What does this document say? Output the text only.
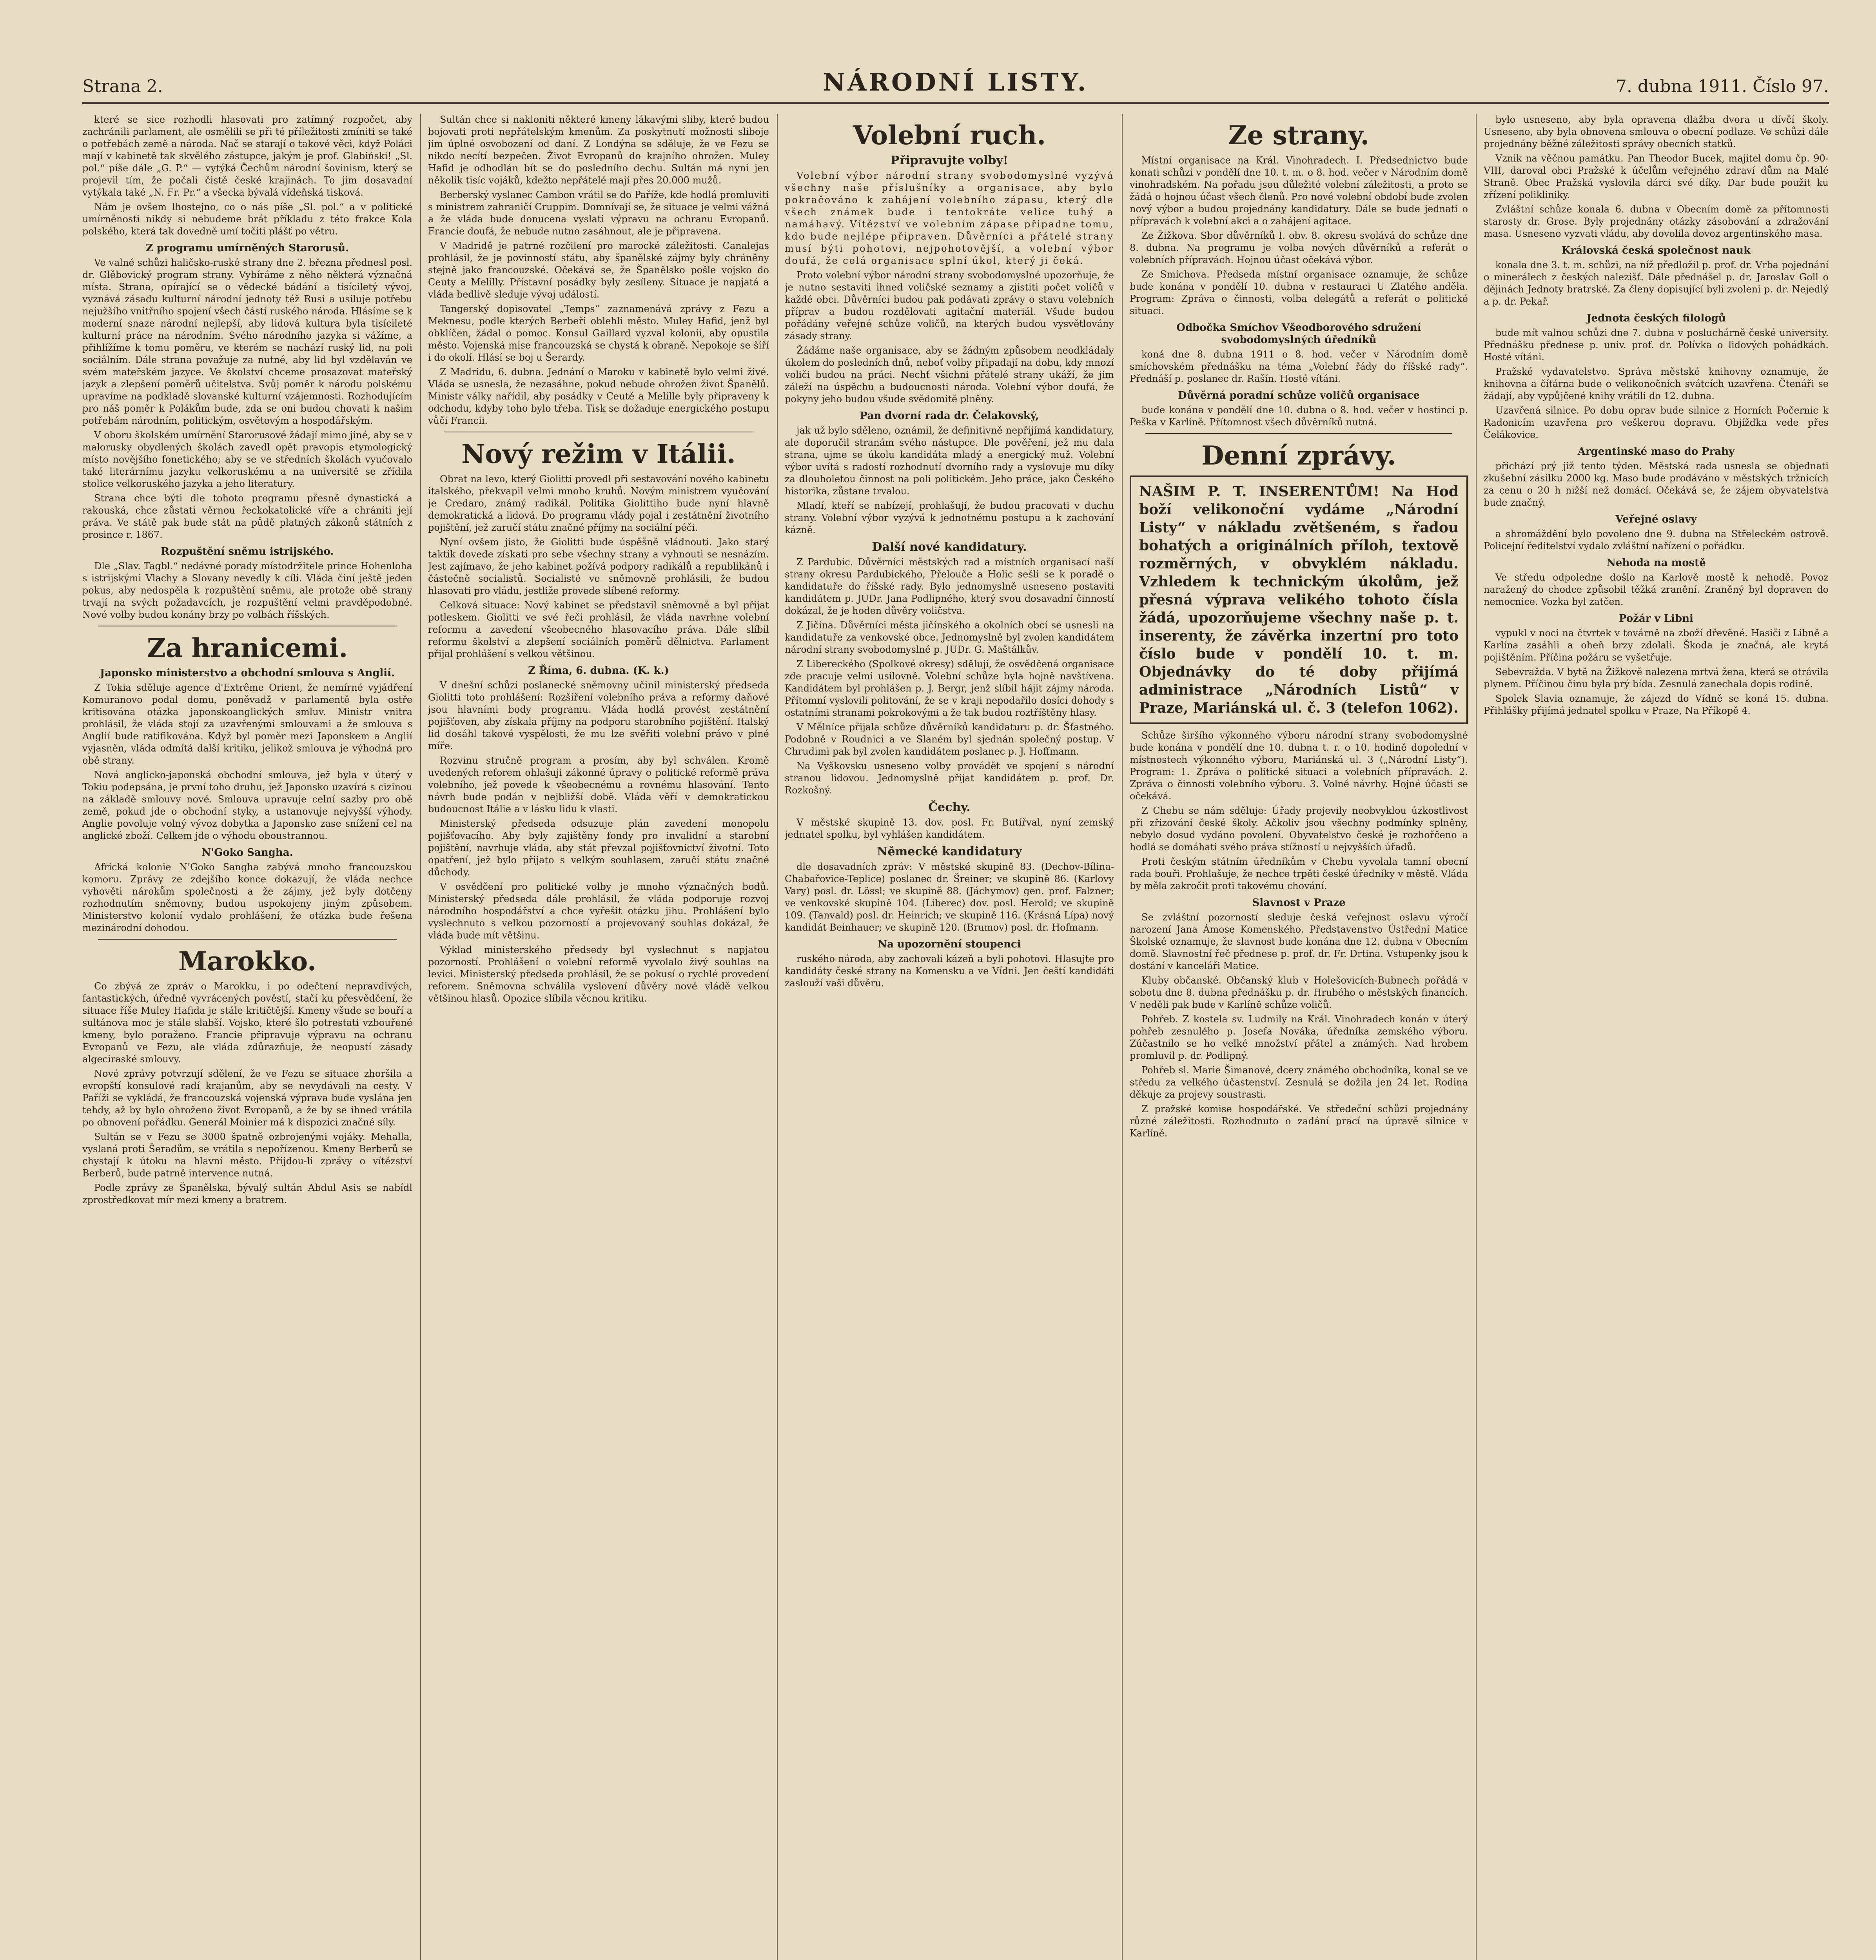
Strana 2.	NÁRODNÍ LISTY.	7. dubna 1911. Číslo 97.

které se sice rozhodli hlasovati pro zatímný rozpočet, aby zachránili parlament, ale osmělili se při té příležitosti zmíniti se také o potřebách země a národa. Nač se starají o takové věci, když Poláci mají v kabinetě tak skvělého zástupce, jakým je prof. Glabiński! „Sl. pol.“ píše dále „G. P.“ — vytýká Čechům národní šovinism, který se projevil tím, že počali čistě české krajinách. To jim dosavadní vytýkala také „N. Fr. Pr.“ a všecka bývalá vídeňská tisková.

Nám je ovšem lhostejno, co o nás píše „Sl. pol.“ a v politické umírněnosti nikdy si nebudeme brát příkladu z této frakce Kola polského, která tak dovedně umí točiti plášť po větru.

Z programu umírněných Starorusů.

Ve valné schůzi haličsko-ruské strany dne 2. března přednesl posl. dr. Glěbovický program strany. Vybíráme z něho některá význačná místa. Strana, opírající se o vědecké bádání a tisíciletý vývoj, vyznává zásadu kulturní národní jednoty též Rusi a usiluje potřebu nejužšího vnitřního spojení všech částí ruského národa. Hlásíme se k moderní snaze národní nejlepší, aby lidová kultura byla tisícileté kulturní práce na národním. Svého národního jazyka si vážíme, a přihlížíme k tomu poměru, ve kterém se nachází ruský lid, na poli sociálním. Dále strana považuje za nutné, aby lid byl vzdělaván ve svém mateřském jazyce. Ve školství chceme prosazovat mateřský jazyk a zlepšení poměrů učitelstva. Svůj poměr k národu polskému upravíme na podkladě slovanské kulturní vzájemnosti. Rozhodujícím pro náš poměr k Polákům bude, zda se oni budou chovati k našim potřebám národním, politickým, osvětovým a hospodářským.

V oboru školském umírnění Starorusové žádají mimo jiné, aby se v malorusky obydlených školách zavedl opět pravopis etymologický místo novějšího fonetického; aby se ve středních školách vyučovalo také literárnímu jazyku velkoruskému a na universitě se zřídila stolice velkoruského jazyka a jeho literatury.

Strana chce býti dle tohoto programu přesně dynastická a rakouská, chce zůstati věrnou řeckokatolické víře a chrániti její práva. Ve státě pak bude stát na půdě platných zákonů státních z prosince r. 1867.

Rozpuštění sněmu istrijského.

Dle „Slav. Tagbl.“ nedávné porady místodržitele prince Hohenloha s istrijskými Vlachy a Slovany nevedly k cíli. Vláda činí ještě jeden pokus, aby nedospěla k rozpuštění sněmu, ale protože obě strany trvají na svých požadavcích, je rozpuštění velmi pravděpodobné. Nové volby budou konány brzy po volbách říšských.

Za hranicemi.
Japonsko ministerstvo a obchodní smlouva s Anglií.

Z Tokia sděluje agence d'Extrême Orient, že nemírné vyjádření Komuranovo podal domu, poněvadž v parlamentě byla ostře kritisována otázka japonskoanglických smluv. Ministr vnitra prohlásil, že vláda stojí za uzavřenými smlouvami a že smlouva s Anglií bude ratifikována. Když byl poměr mezi Japonskem a Anglií vyjasněn, vláda odmítá další kritiku, jelikož smlouva je výhodná pro obě strany.

Nová anglicko-japonská obchodní smlouva, jež byla v úterý v Tokiu podepsána, je první toho druhu, jež Japonsko uzavírá s cizinou na základě smlouvy nové. Smlouva upravuje celní sazby pro obě země, pokud jde o obchodní styky, a ustanovuje nejvyšší výhody. Anglie povoluje volný vývoz dobytka a Japonsko zase snížení cel na anglické zboží. Celkem jde o výhodu oboustrannou.

N'Goko Sangha.

Africká kolonie N'Goko Sangha zabývá mnoho francouzskou komoru. Zprávy ze zdejšího konce dokazují, že vláda nechce vyhověti nárokům společnosti a že zájmy, jež byly dotčeny rozhodnutím sněmovny, budou uspokojeny jiným způsobem. Ministerstvo kolonií vydalo prohlášení, že otázka bude řešena mezinárodní dohodou.

Marokko.

Co zbývá ze zpráv o Marokku, i po odečtení nepravdivých, fantastických, úředně vyvrácených pověstí, stačí ku přesvědčení, že situace říše Muley Hafida je stále kritičtější. Kmeny všude se bouří a sultánova moc je stále slabší. Vojsko, které šlo potrestati vzbouřené kmeny, bylo poraženo. Francie připravuje výpravu na ochranu Evropanů ve Fezu, ale vláda zdůrazňuje, že neopustí zásady algeciraské smlouvy.

Nové zprávy potvrzují sdělení, že ve Fezu se situace zhoršila a evropští konsulové radí krajanům, aby se nevydávali na cesty. V Paříži se vykládá, že francouzská vojenská výprava bude vyslána jen tehdy, až by bylo ohroženo život Evropanů, a že by se ihned vrátila po obnovení pořádku. Generál Moinier má k dispozici značné síly.

Sultán se v Fezu se 3000 špatně ozbrojenými vojáky. Mehalla, vyslaná proti Šeradům, se vrátila s nepořízenou. Kmeny Berberů se chystají k útoku na hlavní město. Přijdou-li zprávy o vítězství Berberů, bude patrně intervence nutná.

Podle zprávy ze Španělska, bývalý sultán Abdul Asis se nabídl zprostředkovat mír mezi kmeny a bratrem.

Sultán chce si nakloniti některé kmeny lákavými sliby, které budou bojovati proti nepřátelským kmenům. Za poskytnutí možnosti sliboje jim úplné osvobození od daní. Z Londýna se sděluje, že ve Fezu se nikdo necítí bezpečen. Život Evropanů do krajního ohrožen. Muley Hafid je odhodlán bít se do posledního dechu. Sultán má nyní jen několik tisíc vojáků, kdežto nepřátelé mají přes 20.000 mužů.

Berberský vyslanec Cambon vrátil se do Paříže, kde hodlá promluviti s ministrem zahraničí Cruppim. Domnívají se, že situace je velmi vážná a že vláda bude donucena vyslati výpravu na ochranu Evropanů. Francie doufá, že nebude nutno zasáhnout, ale je připravena.

V Madridě je patrné rozčilení pro marocké záležitosti. Canalejas prohlásil, že je povinností státu, aby španělské zájmy byly chráněny stejně jako francouzské. Očekává se, že Španělsko pošle vojsko do Ceuty a Melilly. Přístavní posádky byly zesíleny. Situace je napjatá a vláda bedlivě sleduje vývoj událostí.

Tangerský dopisovatel „Temps“ zaznamenává zprávy z Fezu a Meknesu, podle kterých Berbeři oblehli město. Muley Hafid, jenž byl obklíčen, žádal o pomoc. Konsul Gaillard vyzval kolonii, aby opustila město. Vojenská mise francouzská se chystá k obraně. Nepokoje se šíří i do okolí. Hlásí se boj u Šerardy.

Z Madridu, 6. dubna. Jednání o Maroku v kabinetě bylo velmi živé. Vláda se usnesla, že nezasáhne, pokud nebude ohrožen život Španělů. Ministr války nařídil, aby posádky v Ceutě a Melille byly připraveny k odchodu, kdyby toho bylo třeba. Tisk se dožaduje energického postupu vůči Francii.

Nový režim v Itálii.

Obrat na levo, který Giolitti provedl při sestavování nového kabinetu italského, překvapil velmi mnoho kruhů. Novým ministrem vyučování je Credaro, známý radikál. Politika Giolittiho bude nyní hlavně demokratická a lidová. Do programu vlády pojal i zestátnění životního pojištění, jež zaručí státu značné příjmy na sociální péči.

Nyní ovšem jisto, že Giolitti bude úspěšně vládnouti. Jako starý taktik dovede získati pro sebe všechny strany a vyhnouti se nesnázím. Jest zajímavo, že jeho kabinet požívá podpory radikálů a republikánů i částečně socialistů. Socialisté ve sněmovně prohlásili, že budou hlasovati pro vládu, jestliže provede slíbené reformy.

Celková situace: Nový kabinet se představil sněmovně a byl přijat potleskem. Giolitti ve své řeči prohlásil, že vláda navrhne volební reformu a zavedení všeobecného hlasovacího práva. Dále slíbil reformu školství a zlepšení sociálních poměrů dělnictva. Parlament přijal prohlášení s velkou většinou.

Z Říma, 6. dubna. (K. k.)

V dnešní schůzi poslanecké sněmovny učinil ministerský předseda Giolitti toto prohlášení: Rozšíření volebního práva a reformy daňové jsou hlavními body programu. Vláda hodlá provést zestátnění pojišťoven, aby získala příjmy na podporu starobního pojištění. Italský lid dosáhl takové vyspělosti, že mu lze svěřiti volební právo v plné míře.

Rozvinu stručně program a prosím, aby byl schválen. Kromě uvedených reforem ohlašuji zákonné úpravy o politické reformě práva volebního, jež povede k všeobecnému a rovnému hlasování. Tento návrh bude podán v nejbližší době. Vláda věří v demokratickou budoucnost Itálie a v lásku lidu k vlasti.

Ministerský předseda odsuzuje plán zavedení monopolu pojišťovacího. Aby byly zajištěny fondy pro invalidní a starobní pojištění, navrhuje vláda, aby stát převzal pojišťovnictví životní. Toto opatření, jež bylo přijato s velkým souhlasem, zaručí státu značné důchody.

V osvědčení pro politické volby je mnoho význačných bodů. Ministerský předseda dále prohlásil, že vláda podporuje rozvoj národního hospodářství a chce vyřešit otázku jihu. Prohlášení bylo vyslechnuto s velkou pozorností a projevovaný souhlas dokázal, že vláda bude mít většinu.

Výklad ministerského předsedy byl vyslechnut s napjatou pozorností. Prohlášení o volební reformě vyvolalo živý souhlas na levici. Ministerský předseda prohlásil, že se pokusí o rychlé provedení reforem. Sněmovna schválila vyslovení důvěry nové vládě velkou většinou hlasů. Opozice slíbila věcnou kritiku.

Volební ruch.
Připravujte volby!

Volební výbor národní strany svobodomyslné vyzývá všechny naše příslušníky a organisace, aby bylo pokračováno k zahájení volebního zápasu, který dle všech známek bude i tentokráte velice tuhý a namáhavý. Vítězství ve volebním zápase připadne tomu, kdo bude nejlépe připraven. Důvěrníci a přátelé strany musí býti pohotovi, nejpohotovější, a volební výbor doufá, že celá organisace splní úkol, který ji čeká.

Proto volební výbor národní strany svobodomyslné upozorňuje, že je nutno sestaviti ihned voličské seznamy a zjistiti počet voličů v každé obci. Důvěrníci budou pak podávati zprávy o stavu volebních příprav a budou rozdělovati agitační materiál. Všude budou pořádány veřejné schůze voličů, na kterých budou vysvětlovány zásady strany.

Žádáme naše organisace, aby se žádným způsobem neodkládaly úkolem do posledních dnů, neboť volby připadají na dobu, kdy mnozí voliči budou na práci. Nechť všichni přátelé strany ukáží, že jim záleží na úspěchu a budoucnosti národa. Volební výbor doufá, že pokyny jeho budou všude svědomitě plněny.

Pan dvorní rada dr. Čelakovský,

jak už bylo sděleno, oznámil, že definitivně nepřijímá kandidatury, ale doporučil stranám svého nástupce. Dle pověření, jež mu dala strana, ujme se úkolu kandidáta mladý a energický muž. Volební výbor uvítá s radostí rozhodnutí dvorního rady a vyslovuje mu díky za dlouholetou činnost na poli politickém. Jeho práce, jako Českého historika, zůstane trvalou.

Mladí, kteří se nabízejí, prohlašují, že budou pracovati v duchu strany. Volební výbor vyzývá k jednotnému postupu a k zachování kázně.

Další nové kandidatury.

Z Pardubic. Důvěrníci městských rad a místních organisací naší strany okresu Pardubického, Přelouče a Holic sešli se k poradě o kandidatuře do říšské rady. Bylo jednomyslně usneseno postaviti kandidátem p. JUDr. Jana Podlipného, který svou dosavadní činností dokázal, že je hoden důvěry voličstva.

Z Jičína. Důvěrníci města jičínského a okolních obcí se usnesli na kandidatuře za venkovské obce. Jednomyslně byl zvolen kandidátem národní strany svobodomyslné p. JUDr. G. Maštálkův.

Z Libereckého (Spolkové okresy) sdělují, že osvědčená organisace zde pracuje velmi usilovně. Volební schůze byla hojně navštívena. Kandidátem byl prohlášen p. J. Bergr, jenž slíbil hájit zájmy národa. Přítomní vyslovili politování, že se v kraji nepodařilo dosíci dohody s ostatními stranami pokrokovými a že tak budou roztříštěny hlasy.

V Mělníce přijala schůze důvěrníků kandidaturu p. dr. Šťastného. Podobně v Roudnici a ve Slaném byl sjednán společný postup. V Chrudimi pak byl zvolen kandidátem poslanec p. J. Hoffmann.

Na Vyškovsku usneseno volby provádět ve spojení s národní stranou lidovou. Jednomyslně přijat kandidátem p. prof. Dr. Rozkošný.

Čechy.

V městské skupině 13. dov. posl. Fr. Butířval, nyní zemský jednatel spolku, byl vyhlášen kandidátem.

Německé kandidatury

dle dosavadních zpráv: V městské skupině 83. (Dechov-Bílina-Chabařovice-Teplice) poslanec dr. Šreiner; ve skupině 86. (Karlovy Vary) posl. dr. Lössl; ve skupině 88. (Jáchymov) gen. prof. Falzner; ve venkovské skupině 104. (Liberec) dov. posl. Herold; ve skupině 109. (Tanvald) posl. dr. Heinrich; ve skupině 116. (Krásná Lípa) nový kandidát Beinhauer; ve skupině 120. (Brumov) posl. dr. Hofmann.

Na upozornění stoupenci

ruského národa, aby zachovali kázeň a byli pohotovi. Hlasujte pro kandidáty české strany na Komensku a ve Vídni. Jen čeští kandidáti zaslouží vaši důvěru.

Ze strany.

Místní organisace na Král. Vinohradech. I. Předsednictvo bude konati schůzi v pondělí dne 10. t. m. o 8. hod. večer v Národním domě vinohradském. Na pořadu jsou důležité volební záležitosti, a proto se žádá o hojnou účast všech členů. Pro nové volební období bude zvolen nový výbor a budou projednány kandidatury. Dále se bude jednati o přípravách k volební akci a o zahájení agitace.

Ze Žižkova. Sbor důvěrníků I. obv. 8. okresu svolává do schůze dne 8. dubna. Na programu je volba nových důvěrníků a referát o volebních přípravách. Hojnou účast očekává výbor.

Ze Smíchova. Předseda místní organisace oznamuje, že schůze bude konána v pondělí 10. dubna v restauraci U Zlatého anděla. Program: Zpráva o činnosti, volba delegátů a referát o politické situaci.

Odbočka Smíchov Všeodborového sdružení svobodomyslných úředníků

koná dne 8. dubna 1911 o 8. hod. večer v Národním domě smíchovském přednášku na téma „Volební řády do říšské rady“. Přednáší p. poslanec dr. Rašín. Hosté vítáni.

Důvěrná poradní schůze voličů organisace

bude konána v pondělí dne 10. dubna o 8. hod. večer v hostinci p. Peška v Karlíně. Přítomnost všech důvěrníků nutná.

Denní zprávy.
NAŠIM P. T. INSERENTŮM! Na Hod boží velikonoční vydáme „Národní Listy“ v nákladu zvětšeném, s řadou bohatých a originálních příloh, textově rozměrných, v obvyklém nákladu. Vzhledem k technickým úkolům, jež přesná výprava velikého tohoto čísla žádá, upozorňujeme všechny naše p. t. inserenty, že závěrka inzertní pro toto číslo bude v pondělí 10. t. m. Objednávky do té doby přijímá administrace „Národních Listů“ v Praze, Mariánská ul. č. 3 (telefon 1062).

Schůze širšího výkonného výboru národní strany svobodomyslné bude konána v pondělí dne 10. dubna t. r. o 10. hodině dopolední v místnostech výkonného výboru, Mariánská ul. 3 („Národní Listy“). Program: 1. Zpráva o politické situaci a volebních přípravách. 2. Zpráva o činnosti volebního výboru. 3. Volné návrhy. Hojné účasti se očekává.

Z Chebu se nám sděluje: Úřady projevily neobvyklou úzkostlivost při zřizování české školy. Ačkoliv jsou všechny podmínky splněny, nebylo dosud vydáno povolení. Obyvatelstvo české je rozhořčeno a hodlá se domáhati svého práva stížností u nejvyšších úřadů.

Proti českým státním úředníkům v Chebu vyvolala tamní obecní rada bouři. Prohlašuje, že nechce trpěti české úředníky v městě. Vláda by měla zakročit proti takovému chování.

Slavnost v Praze

Se zvláštní pozorností sleduje česká veřejnost oslavu výročí narození Jana Ámose Komenského. Představenstvo Ústřední Matice Školské oznamuje, že slavnost bude konána dne 12. dubna v Obecním domě. Slavnostní řeč přednese p. prof. dr. Fr. Drtina. Vstupenky jsou k dostání v kanceláři Matice.

Kluby občanské. Občanský klub v Holešovicích-Bubnech pořádá v sobotu dne 8. dubna přednášku p. dr. Hrubého o městských financích. V neděli pak bude v Karlíně schůze voličů.

Pohřeb. Z kostela sv. Ludmily na Král. Vinohradech konán v úterý pohřeb zesnulého p. Josefa Nováka, úředníka zemského výboru. Zúčastnilo se ho velké množství přátel a známých. Nad hrobem promluvil p. dr. Podlipný.

Pohřeb sl. Marie Šimanové, dcery známého obchodníka, konal se ve středu za velkého účastenství. Zesnulá se dožila jen 24 let. Rodina děkuje za projevy soustrasti.

Z pražské komise hospodářské. Ve středeční schůzi projednány různé záležitosti. Rozhodnuto o zadání prací na úpravě silnice v Karlíně.

bylo usneseno, aby byla opravena dlažba dvora u dívčí školy. Usneseno, aby byla obnovena smlouva o obecní podlaze. Ve schůzi dále projednány běžné záležitosti správy obecních statků.

Vznik na věčnou památku. Pan Theodor Bucek, majitel domu čp. 90-VIII, daroval obci Pražské k účelům veřejného zdraví dům na Malé Straně. Obec Pražská vyslovila dárci své díky. Dar bude použit ku zřízení polikliniky.

Zvláštní schůze konala 6. dubna v Obecním domě za přítomnosti starosty dr. Grose. Byly projednány otázky zásobování a zdražování masa. Usneseno vyzvati vládu, aby dovolila dovoz argentinského masa.

Královská česká společnost nauk

konala dne 3. t. m. schůzi, na níž předložil p. prof. dr. Vrba pojednání o minerálech z českých nalezišť. Dále přednášel p. dr. Jaroslav Goll o dějinách Jednoty bratrské. Za členy dopisující byli zvoleni p. dr. Nejedlý a p. dr. Pekař.

Jednota českých filologů

bude mít valnou schůzi dne 7. dubna v posluchárně české university. Přednášku přednese p. univ. prof. dr. Polívka o lidových pohádkách. Hosté vítáni.

Pražské vydavatelstvo. Správa městské knihovny oznamuje, že knihovna a čítárna bude o velikonočních svátcích uzavřena. Čtenáři se žádají, aby vypůjčené knihy vrátili do 12. dubna.

Uzavřená silnice. Po dobu oprav bude silnice z Horních Počernic k Radonicím uzavřena pro veškerou dopravu. Objížďka vede přes Čelákovice.

Argentinské maso do Prahy

přichází prý již tento týden. Městská rada usnesla se objednati zkušební zásilku 2000 kg. Maso bude prodáváno v městských tržnicích za cenu o 20 h nižší než domácí. Očekává se, že zájem obyvatelstva bude značný.

Veřejné oslavy

a shromáždění bylo povoleno dne 9. dubna na Střeleckém ostrově. Policejní ředitelství vydalo zvláštní nařízení o pořádku.

Nehoda na mostě

Ve středu odpoledne došlo na Karlově mostě k nehodě. Povoz naražený do chodce způsobil těžká zranění. Zraněný byl dopraven do nemocnice. Vozka byl zatčen.

Požár v Libni

vypukl v noci na čtvrtek v továrně na zboží dřevěné. Hasiči z Libně a Karlína zasáhli a oheň brzy zdolali. Škoda je značná, ale krytá pojištěním. Příčina požáru se vyšetřuje.

Sebevražda. V bytě na Žižkově nalezena mrtvá žena, která se otrávila plynem. Příčinou činu byla prý bída. Zesnulá zanechala dopis rodině.

Spolek Slavia oznamuje, že zájezd do Vídně se koná 15. dubna. Přihlášky přijímá jednatel spolku v Praze, Na Příkopě 4.
